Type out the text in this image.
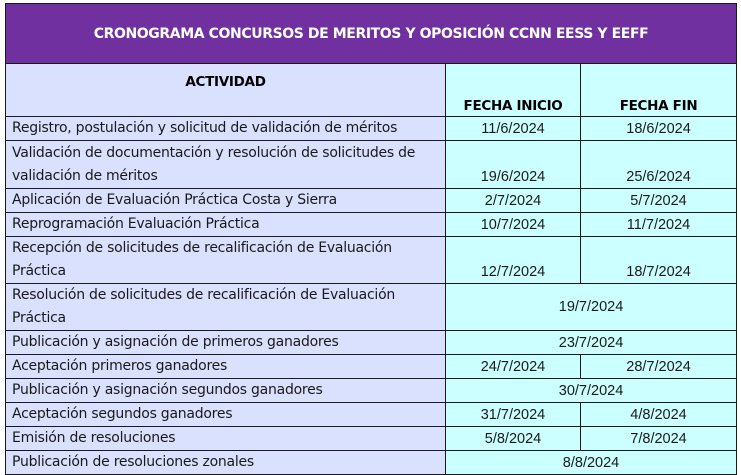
CRONOGRAMA CONCURSOS DE MERITOS Y OPOSICIÓN CCNN EESS Y EEFF		
ACTIVIDAD	FECHA INICIO	FECHA FIN
Registro, postulación y solicitud de validación de méritos	11/6/2024	18/6/2024
Validación de documentación y resolución de solicitudes de validación de méritos	19/6/2024	25/6/2024
Aplicación de Evaluación Práctica Costa y Sierra	2/7/2024	5/7/2024
Reprogramación Evaluación Práctica	10/7/2024	11/7/2024
Recepción de solicitudes de recalificación de Evaluación Práctica	12/7/2024	18/7/2024
Resolución de solicitudes de recalificación de Evaluación Práctica	19/7/2024	
Publicación y asignación de primeros ganadores	23/7/2024	
Aceptación primeros ganadores	24/7/2024	28/7/2024
Publicación y asignación segundos ganadores	30/7/2024	
Aceptación segundos ganadores	31/7/2024	4/8/2024
Emisión de resoluciones	5/8/2024	7/8/2024
Publicación de resoluciones zonales	8/8/2024	
